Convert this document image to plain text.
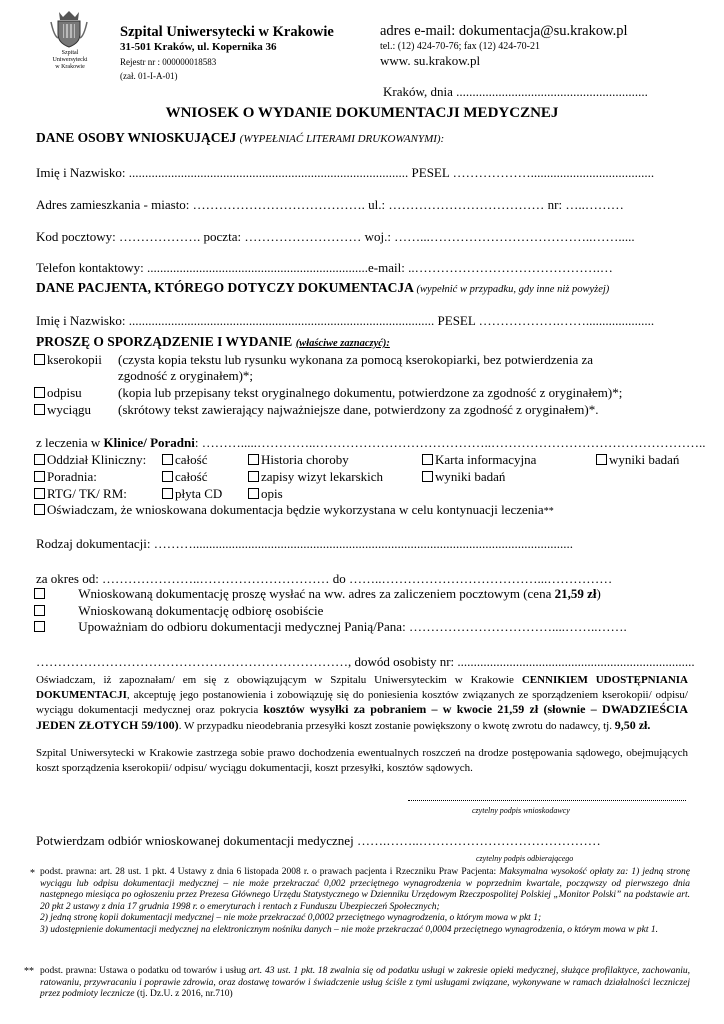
Szpital
Uniwersytecki
w Krakowie
Szpital Uniwersytecki w Krakowie
31-501 Kraków, ul. Kopernika 36
Rejestr nr : 000000018583
(zał. 01-I-A-01)
adres e-mail: dokumentacja@su.krakow.pl
tel.: (12) 424-70-76; fax (12) 424-70-21
www. su.krakow.pl
Kraków, dnia ...........................................................
WNIOSEK O WYDANIE DOKUMENTACJI MEDYCZNEJ
DANE OSOBY WNIOSKUJĄCEJ (WYPEŁNIAĆ LITERAMI DRUKOWANYMI):
Imię i Nazwisko: ...................................................................................... PESEL ………………......................................
Adres zamieszkania - miasto: …………………………………. ul.: ……………………………… nr: …..………
Kod pocztowy: ………………. poczta: ……………………… woj.: ……...………………………………..…….....
Telefon kontaktowy: ....................................................................e-mail: ..…………………………………….…
DANE PACJENTA, KTÓREGO DOTYCZY DOKUMENTACJA (wypełnić w przypadku, gdy inne niż powyżej)
Imię i Nazwisko: .............................................................................................. PESEL ……………….…….....................
PROSZĘ O SPORZĄDZENIE I WYDANIE (właściwe zaznaczyć):
kserokopii (czysta kopia tekstu lub rysunku wykonana za pomocą kserokopiarki, bez potwierdzenia za
zgodność z oryginałem)*;
odpisu	(kopia lub przepisany tekst oryginalnego dokumentu, potwierdzone za zgodność z oryginałem)*;
wyciągu (skrótowy tekst zawierający najważniejsze dane, potwierdzony za zgodność z oryginałem)*.
z leczenia w Klinice/ Poradni: ……….....…………..…………………………………..…………………………………………..
Oddział Kliniczny:	całość	Historia choroby	Karta informacyjna	wyniki badań
Poradnia:	całość	zapisy wizyt lekarskich	wyniki badań
RTG/ TK/ RM:	płyta CD	opis
Oświadczam, że wnioskowana dokumentacja będzie wykorzystana w celu kontynuacji leczenia**
Rodzaj dokumentacji: ……….....................................................................................................................
za okres od: …………………..………………………… do ……..………………………………...……………
Wnioskowaną dokumentację proszę wysłać na ww. adres za zaliczeniem pocztowym (cena 21,59 zł)
Wnioskowaną dokumentację odbiorę osobiście
Upoważniam do odbioru dokumentacji medycznej Panią/Pana: ……………………………....……..…….
………………………………………………………………, dowód osobisty nr: .........................................................................
Oświadczam, iż zapoznałam/ em się z obowiązującym w Szpitalu Uniwersyteckim w Krakowie CENNIKIEM UDOSTĘPNIANIA DOKUMENTACJI, akceptuję jego postanowienia i zobowiązuję się do poniesienia kosztów związanych ze sporządzeniem kserokopii/ odpisu/ wyciągu dokumentacji medycznej oraz pokrycia kosztów wysyłki za pobraniem – w kwocie 21,59 zł (słownie – DWADZIEŚCIA JEDEN ZŁOTYCH 59/100). W przypadku nieodebrania przesyłki koszt zostanie powiększony o kwotę zwrotu do nadawcy, tj. 9,50 zł.
Szpital Uniwersytecki w Krakowie zastrzega sobie prawo dochodzenia ewentualnych roszczeń na drodze postępowania sądowego, obejmujących koszt sporządzenia kserokopii/ odpisu/ wyciągu dokumentacji, koszt przesyłki, kosztów sądowych.
czytelny podpis wnioskodawcy
Potwierdzam odbiór wnioskowanej dokumentacji medycznej …….……..……………………………………
czytelny podpis odbierającego
* podst. prawna: art. 28 ust. 1 pkt. 4 Ustawy z dnia 6 listopada 2008 r. o prawach pacjenta i Rzeczniku Praw Pacjenta: Maksymalna wysokość opłaty za: 1) jedną stronę wyciągu lub odpisu dokumentacji medycznej – nie może przekraczać 0,002 przeciętnego wynagrodzenia w poprzednim kwartale, począwszy od pierwszego dnia następnego miesiąca po ogłoszeniu przez Prezesa Głównego Urzędu Statystycznego w Dzienniku Urzędowym Rzeczpospolitej Polskiej „Monitor Polski” na podstawie art. 20 pkt 2 ustawy z dnia 17 grudnia 1998 r. o emeryturach i rentach z Funduszu Ubezpieczeń Społecznych;
2) jedną stronę kopii dokumentacji medycznej – nie może przekraczać 0,0002 przeciętnego wynagrodzenia, o którym mowa w pkt 1;
3) udostępnienie dokumentacji medycznej na elektronicznym nośniku danych – nie może przekraczać 0,0004 przeciętnego wynagrodzenia, o którym mowa w pkt 1.
** podst. prawna: Ustawa o podatku od towarów i usług art. 43 ust. 1 pkt. 18 zwalnia się od podatku usługi w zakresie opieki medycznej, służące profilaktyce, zachowaniu, ratowaniu, przywracaniu i poprawie zdrowia, oraz dostawę towarów i świadczenie usług ściśle z tymi usługami związane, wykonywane w ramach działalności leczniczej przez podmioty lecznicze (tj. Dz.U. z 2016, nr.710)
